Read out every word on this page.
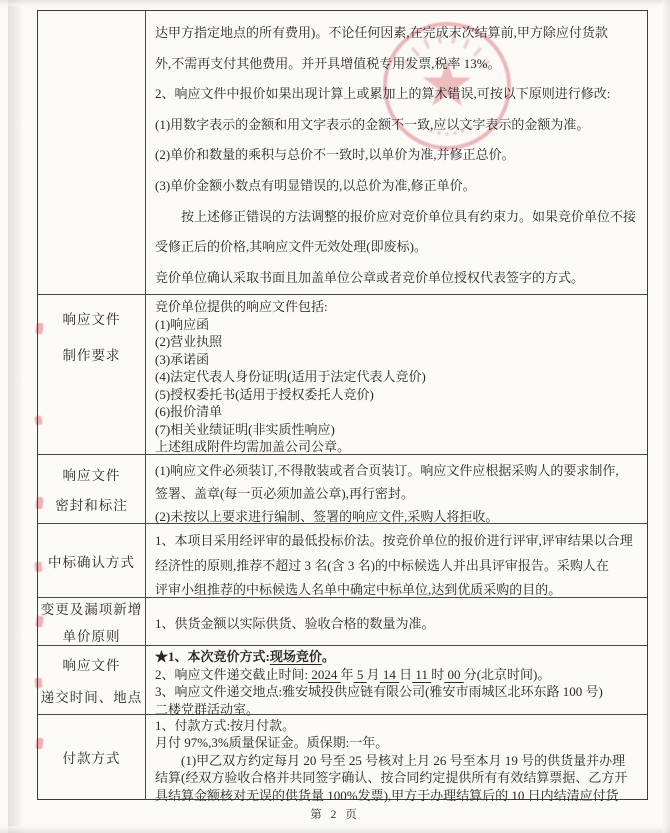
达甲方指定地点的所有费用)。不论任何因素,在完成末次结算前,甲方除应付货款
外,不需再支付其他费用。并开具增值税专用发票,税率 13%。
2、响应文件中报价如果出现计算上或累加上的算术错误,可按以下原则进行修改:
(1)用数字表示的金额和用文字表示的金额不一致,应以文字表示的金额为准。
(2)单价和数量的乘积与总价不一致时,以单价为准,并修正总价。
(3)单价金额小数点有明显错误的,以总价为准,修正单价。
　　按上述修正错误的方法调整的报价应对竞价单位具有约束力。如果竞价单位不接
受修正后的价格,其响应文件无效处理(即废标)。
竞价单位确认采取书面且加盖单位公章或者竞价单位授权代表签字的方式。
响应文件
制作要求
竞价单位提供的响应文件包括:
(1)响应函
(2)营业执照
(3)承诺函
(4)法定代表人身份证明(适用于法定代表人竞价)
(5)授权委托书(适用于授权委托人竞价)
(6)报价清单
(7)相关业绩证明(非实质性响应)
上述组成附件均需加盖公司公章。
响应文件
密封和标注
(1)响应文件必须装订,不得散装或者合页装订。响应文件应根据采购人的要求制作,
签署、盖章(每一页必须加盖公章),再行密封。
(2)未按以上要求进行编制、签署的响应文件,采购人将拒收。
中标确认方式
1、本项目采用经评审的最低投标价法。按竞价单位的报价进行评审,评审结果以合理
经济性的原则,推荐不超过 3 名(含 3 名)的中标候选人并出具评审报告。采购人在
评审小组推荐的中标候选人名单中确定中标单位,达到优质采购的目的。
变更及漏项新增
单价原则
1、供货金额以实际供货、验收合格的数量为准。
响应文件
递交时间、地点
★1、本次竞价方式:现场竞价。
2、响应文件递交截止时间: 2024 年 5 月 14 日 11 时 00 分(北京时间)。
3、响应文件递交地点:雅安城投供应链有限公司(雅安市雨城区北环东路 100 号)
二楼党群活动室。
付款方式
1、付款方式:按月付款。
月付 97%,3%质量保证金。质保期:一年。
　　(1)甲乙双方约定每月 20 号至 25 号核对上月 26 号至本月 19 号的供货量并办理
结算(经双方验收合格并共同签字确认、按合同约定提供所有有效结算票据、乙方开
具结算金额核对无误的供货量 100%发票),甲方于办理结算后的 10 日内结清应付货
第 2 页
